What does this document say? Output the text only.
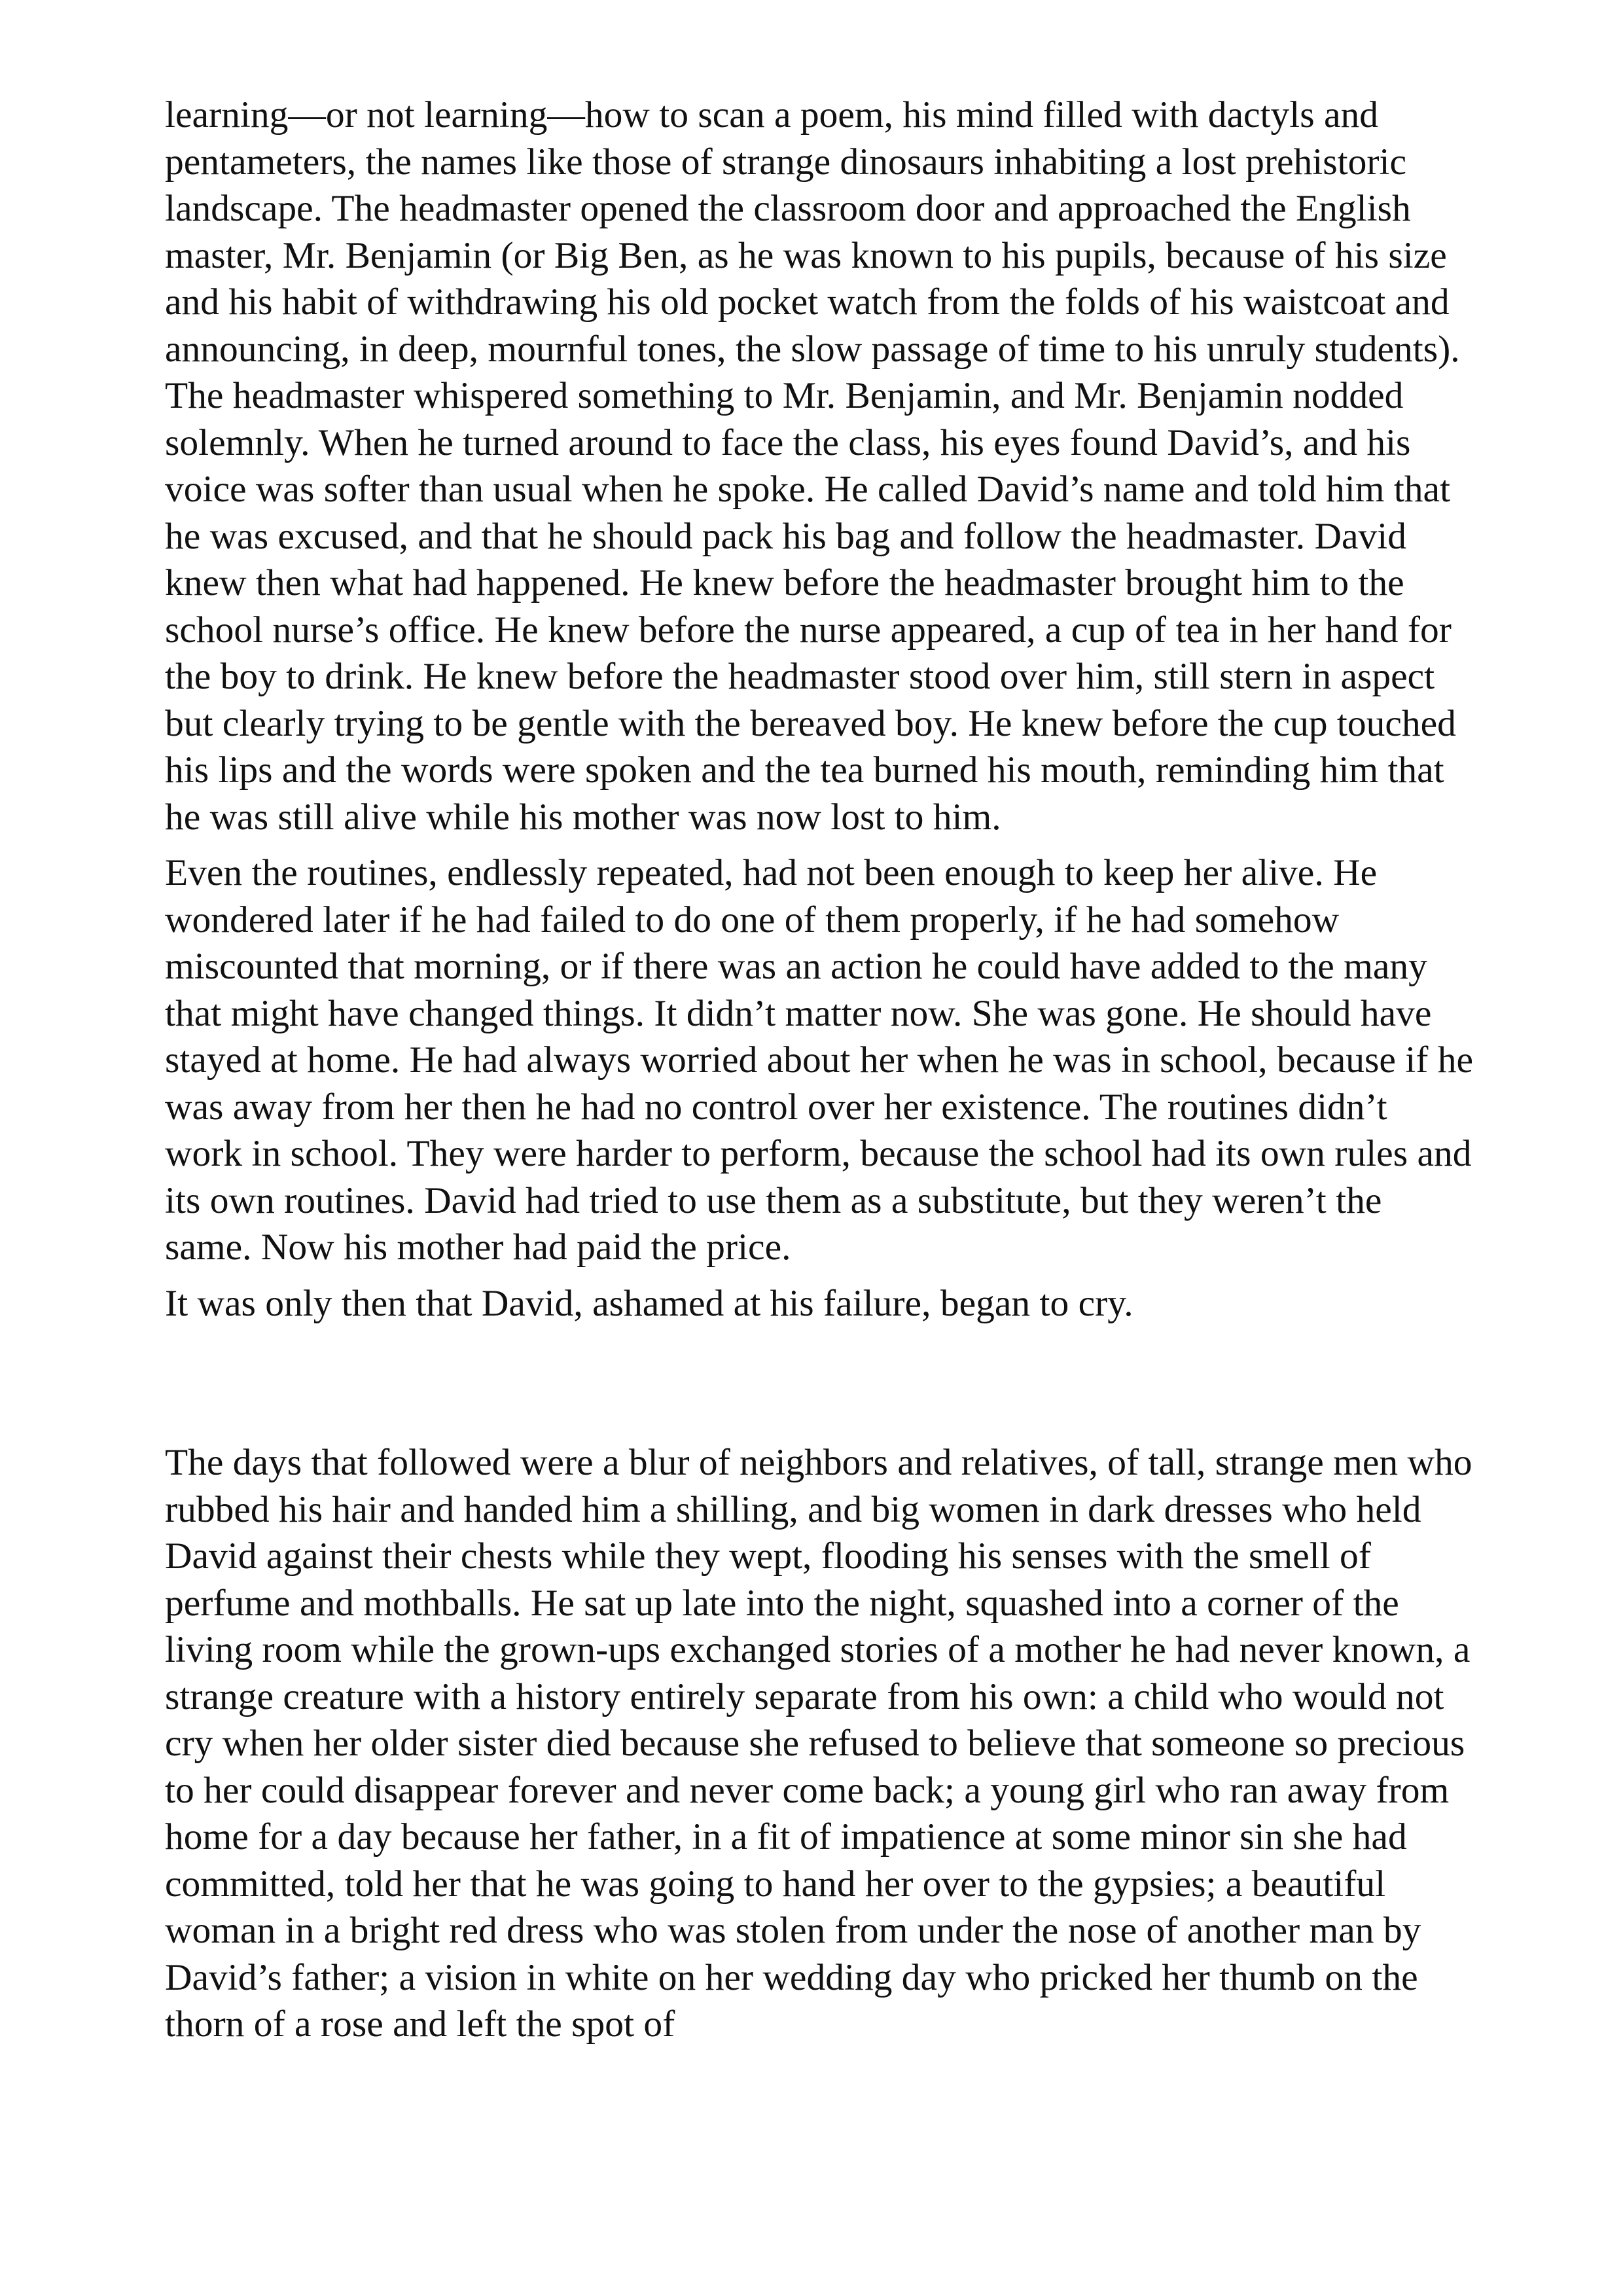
learning—or not learning—how to scan a poem, his mind filled with dactyls and pentameters, the names like those of strange dinosaurs inhabiting a lost prehistoric landscape. The headmaster opened the classroom door and approached the English master, Mr. Benjamin (or Big Ben, as he was known to his pupils, because of his size and his habit of withdrawing his old pocket watch from the folds of his waistcoat and announcing, in deep, mournful tones, the slow passage of time to his unruly students). The headmaster whispered something to Mr. Benjamin, and Mr. Benjamin nodded solemnly. When he turned around to face the class, his eyes found David’s, and his voice was softer than usual when he spoke. He called David’s name and told him that he was excused, and that he should pack his bag and follow the headmaster. David knew then what had happened. He knew before the headmaster brought him to the school nurse’s office. He knew before the nurse appeared, a cup of tea in her hand for the boy to drink. He knew before the headmaster stood over him, still stern in aspect but clearly trying to be gentle with the bereaved boy. He knew before the cup touched his lips and the words were spoken and the tea burned his mouth, reminding him that he was still alive while his mother was now lost to him.

Even the routines, endlessly repeated, had not been enough to keep her alive. He wondered later if he had failed to do one of them properly, if he had somehow miscounted that morning, or if there was an action he could have added to the many that might have changed things. It didn’t matter now. She was gone. He should have stayed at home. He had always worried about her when he was in school, because if he was away from her then he had no control over her existence. The routines didn’t work in school. They were harder to perform, because the school had its own rules and its own routines. David had tried to use them as a substitute, but they weren’t the same. Now his mother had paid the price.

It was only then that David, ashamed at his failure, began to cry.

The days that followed were a blur of neighbors and relatives, of tall, strange men who rubbed his hair and handed him a shilling, and big women in dark dresses who held David against their chests while they wept, flooding his senses with the smell of perfume and mothballs. He sat up late into the night, squashed into a corner of the living room while the grown-ups exchanged stories of a mother he had never known, a strange creature with a history entirely separate from his own: a child who would not cry when her older sister died because she refused to believe that someone so precious to her could disappear forever and never come back; a young girl who ran away from home for a day because her father, in a fit of impatience at some minor sin she had committed, told her that he was going to hand her over to the gypsies; a beautiful woman in a bright red dress who was stolen from under the nose of another man by David’s father; a vision in white on her wedding day who pricked her thumb on the thorn of a rose and left the spot of
